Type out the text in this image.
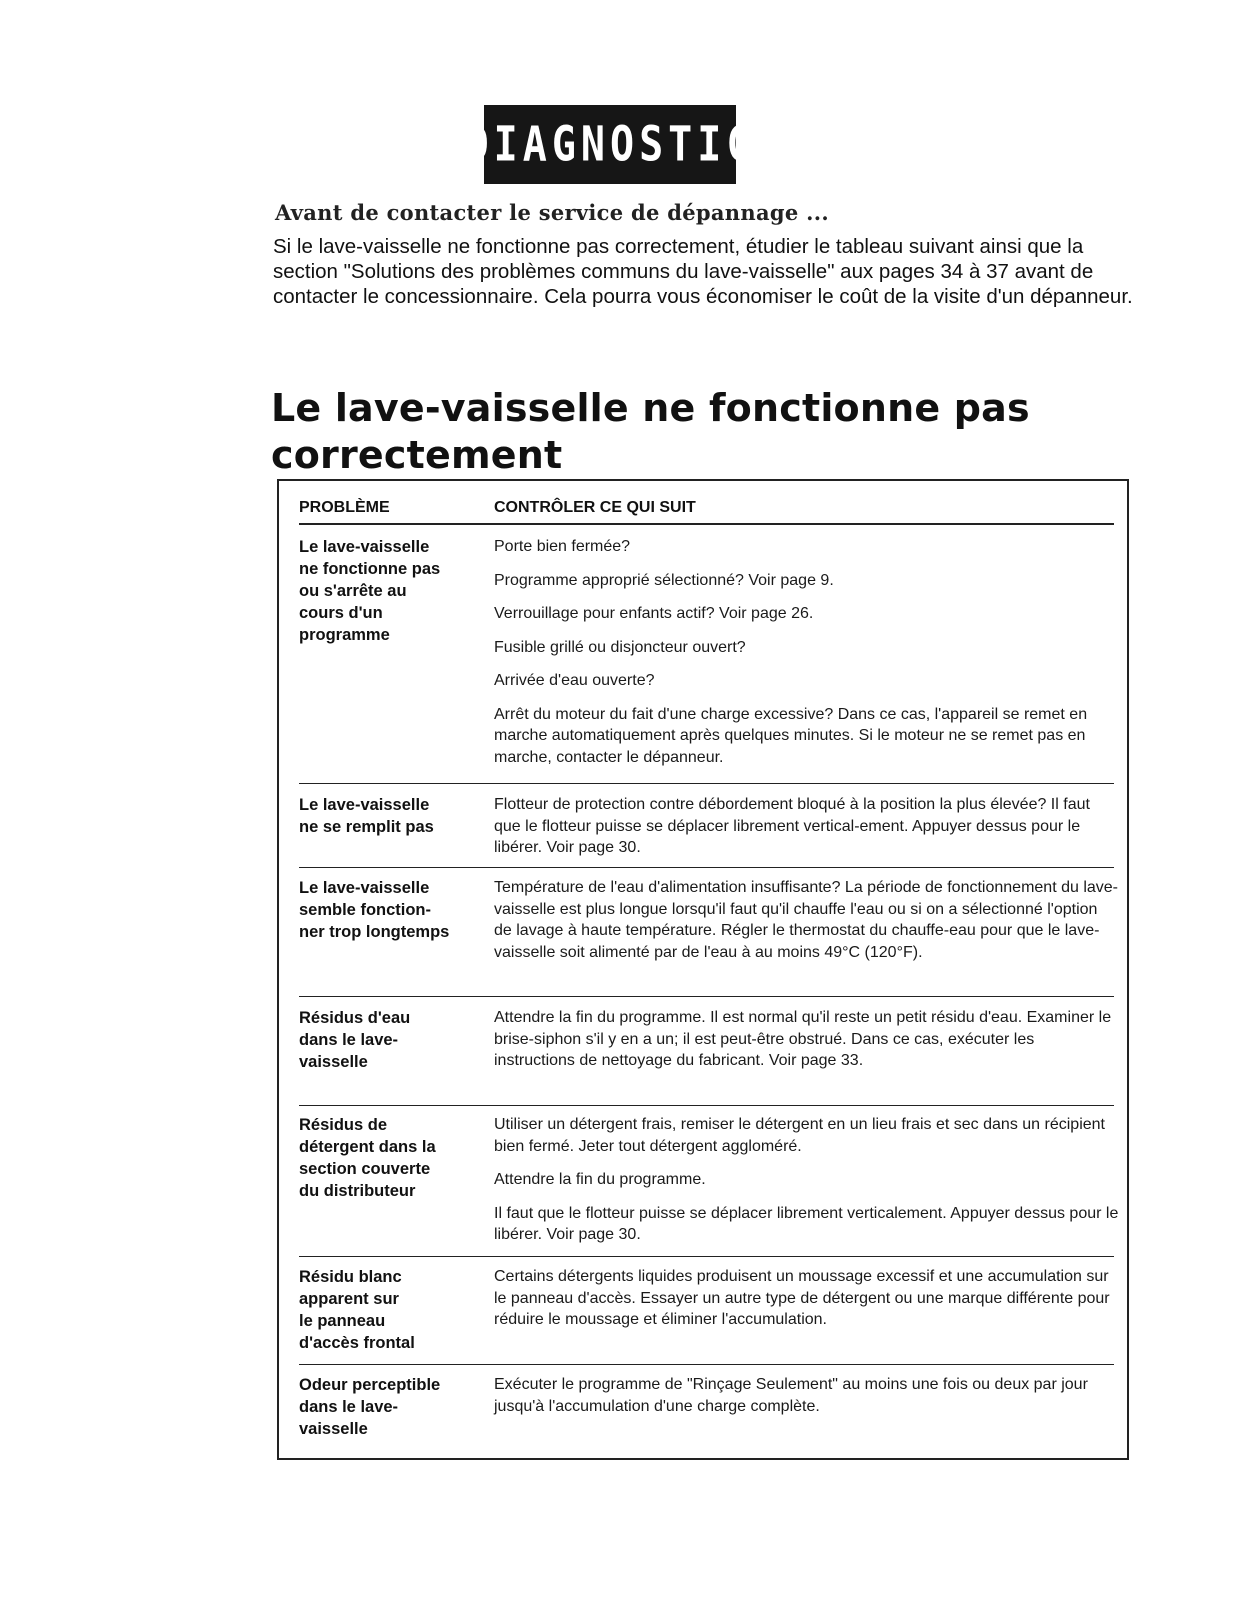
DIAGNOSTIC
Avant de contacter le service de dépannage ...
Si le lave-vaisselle ne fonctionne pas correctement, étudier le tableau suivant ainsi que la section "Solutions des problèmes communs du lave-vaisselle" aux pages 34 à 37 avant de contacter le concessionnaire. Cela pourra vous économiser le coût de la visite d'un dépanneur.
Le lave-vaisselle ne fonctionne pas correctement
PROBLÈME	CONTRÔLER CE QUI SUIT
Le lave-vaisselle
ne fonctionne pas
ou s'arrête au
cours d'un
programme
Porte bien fermée?
Programme approprié sélectionné? Voir page 9.
Verrouillage pour enfants actif? Voir page 26.
Fusible grillé ou disjoncteur ouvert?
Arrivée d'eau ouverte?
Arrêt du moteur du fait d'une charge excessive? Dans ce cas, l'appareil se remet en marche automatiquement après quelques minutes. Si le moteur ne se remet pas en marche, contacter le dépanneur.
Le lave-vaisselle
ne se remplit pas
Flotteur de protection contre débordement bloqué à la position la plus élevée? Il faut que le flotteur puisse se déplacer librement vertical-ement. Appuyer dessus pour le libérer. Voir page 30.
Le lave-vaisselle
semble fonction-
ner trop longtemps
Température de l'eau d'alimentation insuffisante? La période de fonctionnement du lave-vaisselle est plus longue lorsqu'il faut qu'il chauffe l'eau ou si on a sélectionné l'option de lavage à haute température. Régler le thermostat du chauffe-eau pour que le lave-vaisselle soit alimenté par de l'eau à au moins 49°C (120°F).
Résidus d'eau
dans le lave-
vaisselle
Attendre la fin du programme. Il est normal qu'il reste un petit résidu d'eau. Examiner le brise-siphon s'il y en a un; il est peut-être obstrué. Dans ce cas, exécuter les instructions de nettoyage du fabricant. Voir page 33.
Résidus de
détergent dans la
section couverte
du distributeur
Utiliser un détergent frais, remiser le détergent en un lieu frais et sec dans un récipient bien fermé. Jeter tout détergent aggloméré.
Attendre la fin du programme.
Il faut que le flotteur puisse se déplacer librement verticalement. Appuyer dessus pour le libérer. Voir page 30.
Résidu blanc
apparent sur
le panneau
d'accès frontal
Certains détergents liquides produisent un moussage excessif et une accumulation sur le panneau d'accès. Essayer un autre type de détergent ou une marque différente pour réduire le moussage et éliminer l'accumulation.
Odeur perceptible
dans le lave-
vaisselle
Exécuter le programme de "Rinçage Seulement" au moins une fois ou deux par jour jusqu'à l'accumulation d'une charge complète.
